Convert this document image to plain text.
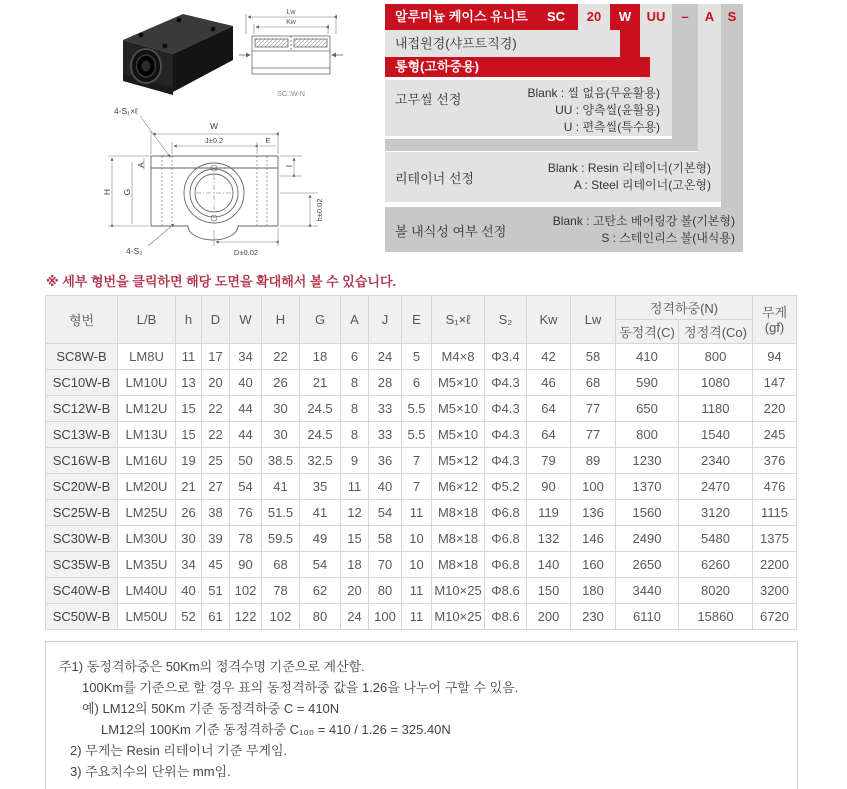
Lw
Kw
SC□W-N
4-S₁×ℓ
W
J±0.2	E
A
G
H
I
h±0.02
4-S₂	D±0.02
알루미늄 케이스 유니트 SC
내접원경(샤프트직경)
롱형(고하중용)
고무씰 선정	Blank : 씰 없음(무윤활용)
UU : 양측씰(윤활용)
U : 편측씰(특수용)
리테이너 선정
Blank : Resin 리테이너(기본형)
A : Steel 리테이너(고온형)
볼 내식성 여부 선정
Blank : 고탄소 베어링강 볼(기본형)
S : 스테인리스 볼(내식용)
20	W	UU	–	A	S
※ 세부 형번을 클릭하면 해당 도면을 확대해서 볼 수 있습니다.
형번	L/B	h	D	W	H	G	A	J	E	S₁×ℓ	S₂	Kw	Lw	정격하중(N)		무게
(gf)

														동정격(C)	정정격(Co)	
SC8W-B	LM8U	11	17	34	22	18	6	24	5	M4×8	Φ3.4	42	58	410	800	94
SC10W-B	LM10U	13	20	40	26	21	8	28	6	M5×10	Φ4.3	46	68	590	1080	147
SC12W-B	LM12U	15	22	44	30	24.5	8	33	5.5	M5×10	Φ4.3	64	77	650	1180	220
SC13W-B	LM13U	15	22	44	30	24.5	8	33	5.5	M5×10	Φ4.3	64	77	800	1540	245
SC16W-B	LM16U	19	25	50	38.5	32.5	9	36	7	M5×12	Φ4.3	79	89	1230	2340	376
SC20W-B	LM20U	21	27	54	41	35	11	40	7	M6×12	Φ5.2	90	100	1370	2470	476
SC25W-B	LM25U	26	38	76	51.5	41	12	54	11	M8×18	Φ6.8	119	136	1560	3120	1115
SC30W-B	LM30U	30	39	78	59.5	49	15	58	10	M8×18	Φ6.8	132	146	2490	5480	1375
SC35W-B	LM35U	34	45	90	68	54	18	70	10	M8×18	Φ6.8	140	160	2650	6260	2200
SC40W-B	LM40U	40	51	102	78	62	20	80	11	M10×25	Φ8.6	150	180	3440	8020	3200
SC50W-B	LM50U	52	61	122	102	80	24	100	11	M10×25	Φ8.6	200	230	6110	15860	6720
주1) 동정격하중은 50Km의 정격수명 기준으로 계산함.
100Km를 기준으로 할 경우 표의 동정격하중 값을 1.26을 나누어 구할 수 있음.
예) LM12의 50Km 기준 동정격하중 C = 410N
LM12의 100Km 기준 동정격하중 C₁₀₀ = 410 / 1.26 = 325.40N
2) 무게는 Resin 리테이너 기준 무게임.
3) 주요치수의 단위는 mm임.
